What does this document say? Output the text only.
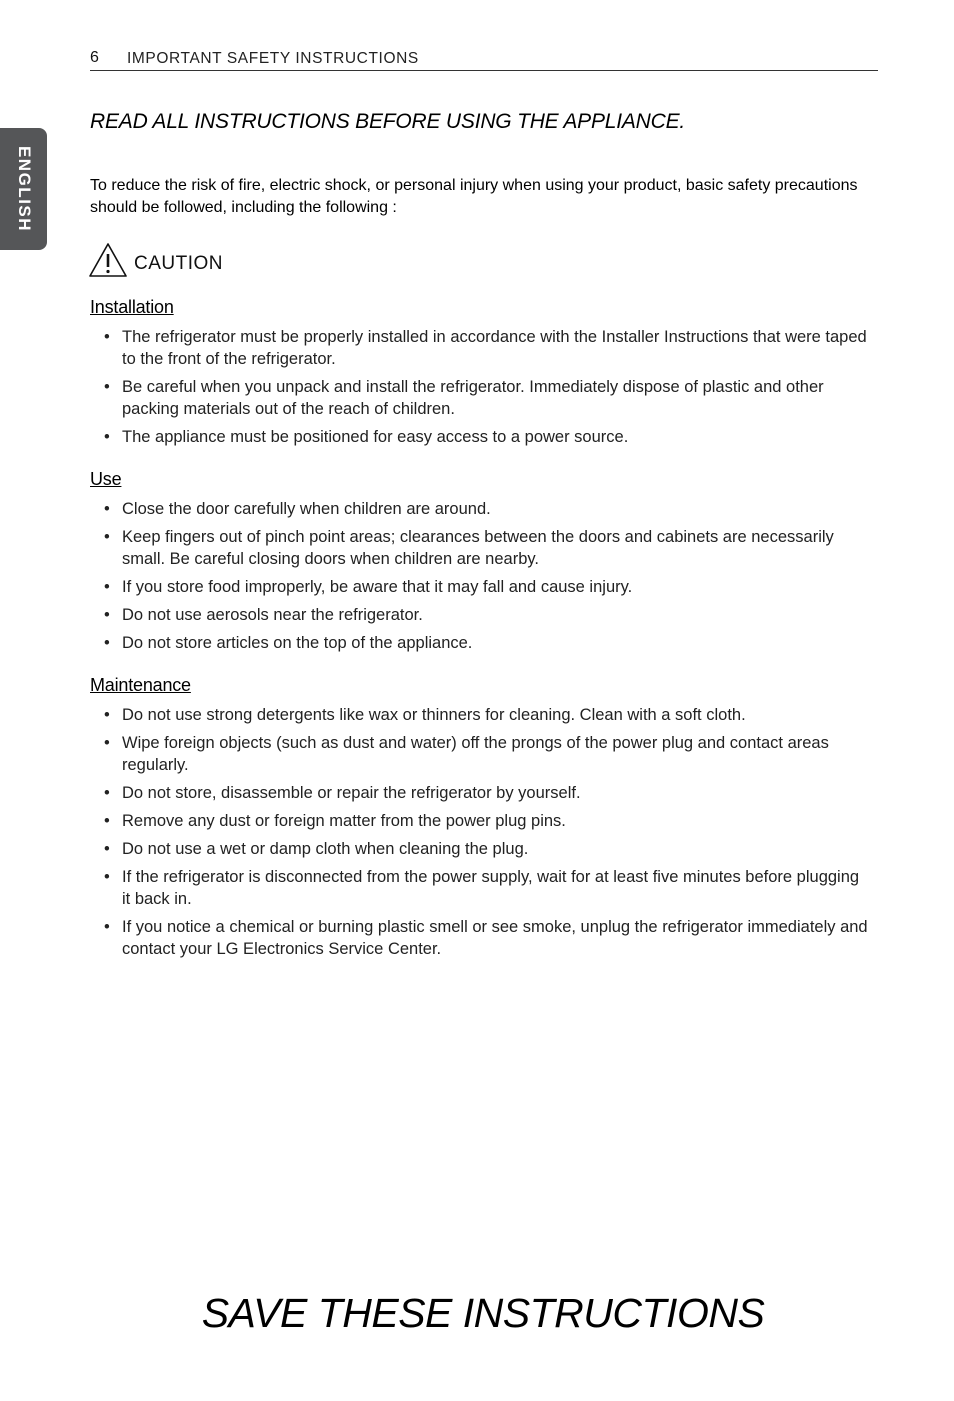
6 IMPORTANT SAFETY INSTRUCTIONS
ENGLISH
READ ALL INSTRUCTIONS BEFORE USING THE APPLIANCE.
To reduce the risk of fire, electric shock, or personal injury when using your product, basic safety precautions should be followed, including the following :
CAUTION
Installation
• The refrigerator must be properly installed in accordance with the Installer Instructions that were taped to the front of the refrigerator.
• Be careful when you unpack and install the refrigerator. Immediately dispose of plastic and other packing materials out of the reach of children.
• The appliance must be positioned for easy access to a power source.
Use
• Close the door carefully when children are around.
• Keep fingers out of pinch point areas; clearances between the doors and cabinets are necessarily small. Be careful closing doors when children are nearby.
• If you store food improperly, be aware that it may fall and cause injury.
• Do not use aerosols near the refrigerator.
• Do not store articles on the top of the appliance.
Maintenance
• Do not use strong detergents like wax or thinners for cleaning. Clean with a soft cloth.
• Wipe foreign objects (such as dust and water) off the prongs of the power plug and contact areas regularly.
• Do not store, disassemble or repair the refrigerator by yourself.
• Remove any dust or foreign matter from the power plug pins.
• Do not use a wet or damp cloth when cleaning the plug.
• If the refrigerator is disconnected from the power supply, wait for at least five minutes before plugging it back in.
• If you notice a chemical or burning plastic smell or see smoke, unplug the refrigerator immediately and contact your LG Electronics Service Center.
SAVE THESE INSTRUCTIONS
